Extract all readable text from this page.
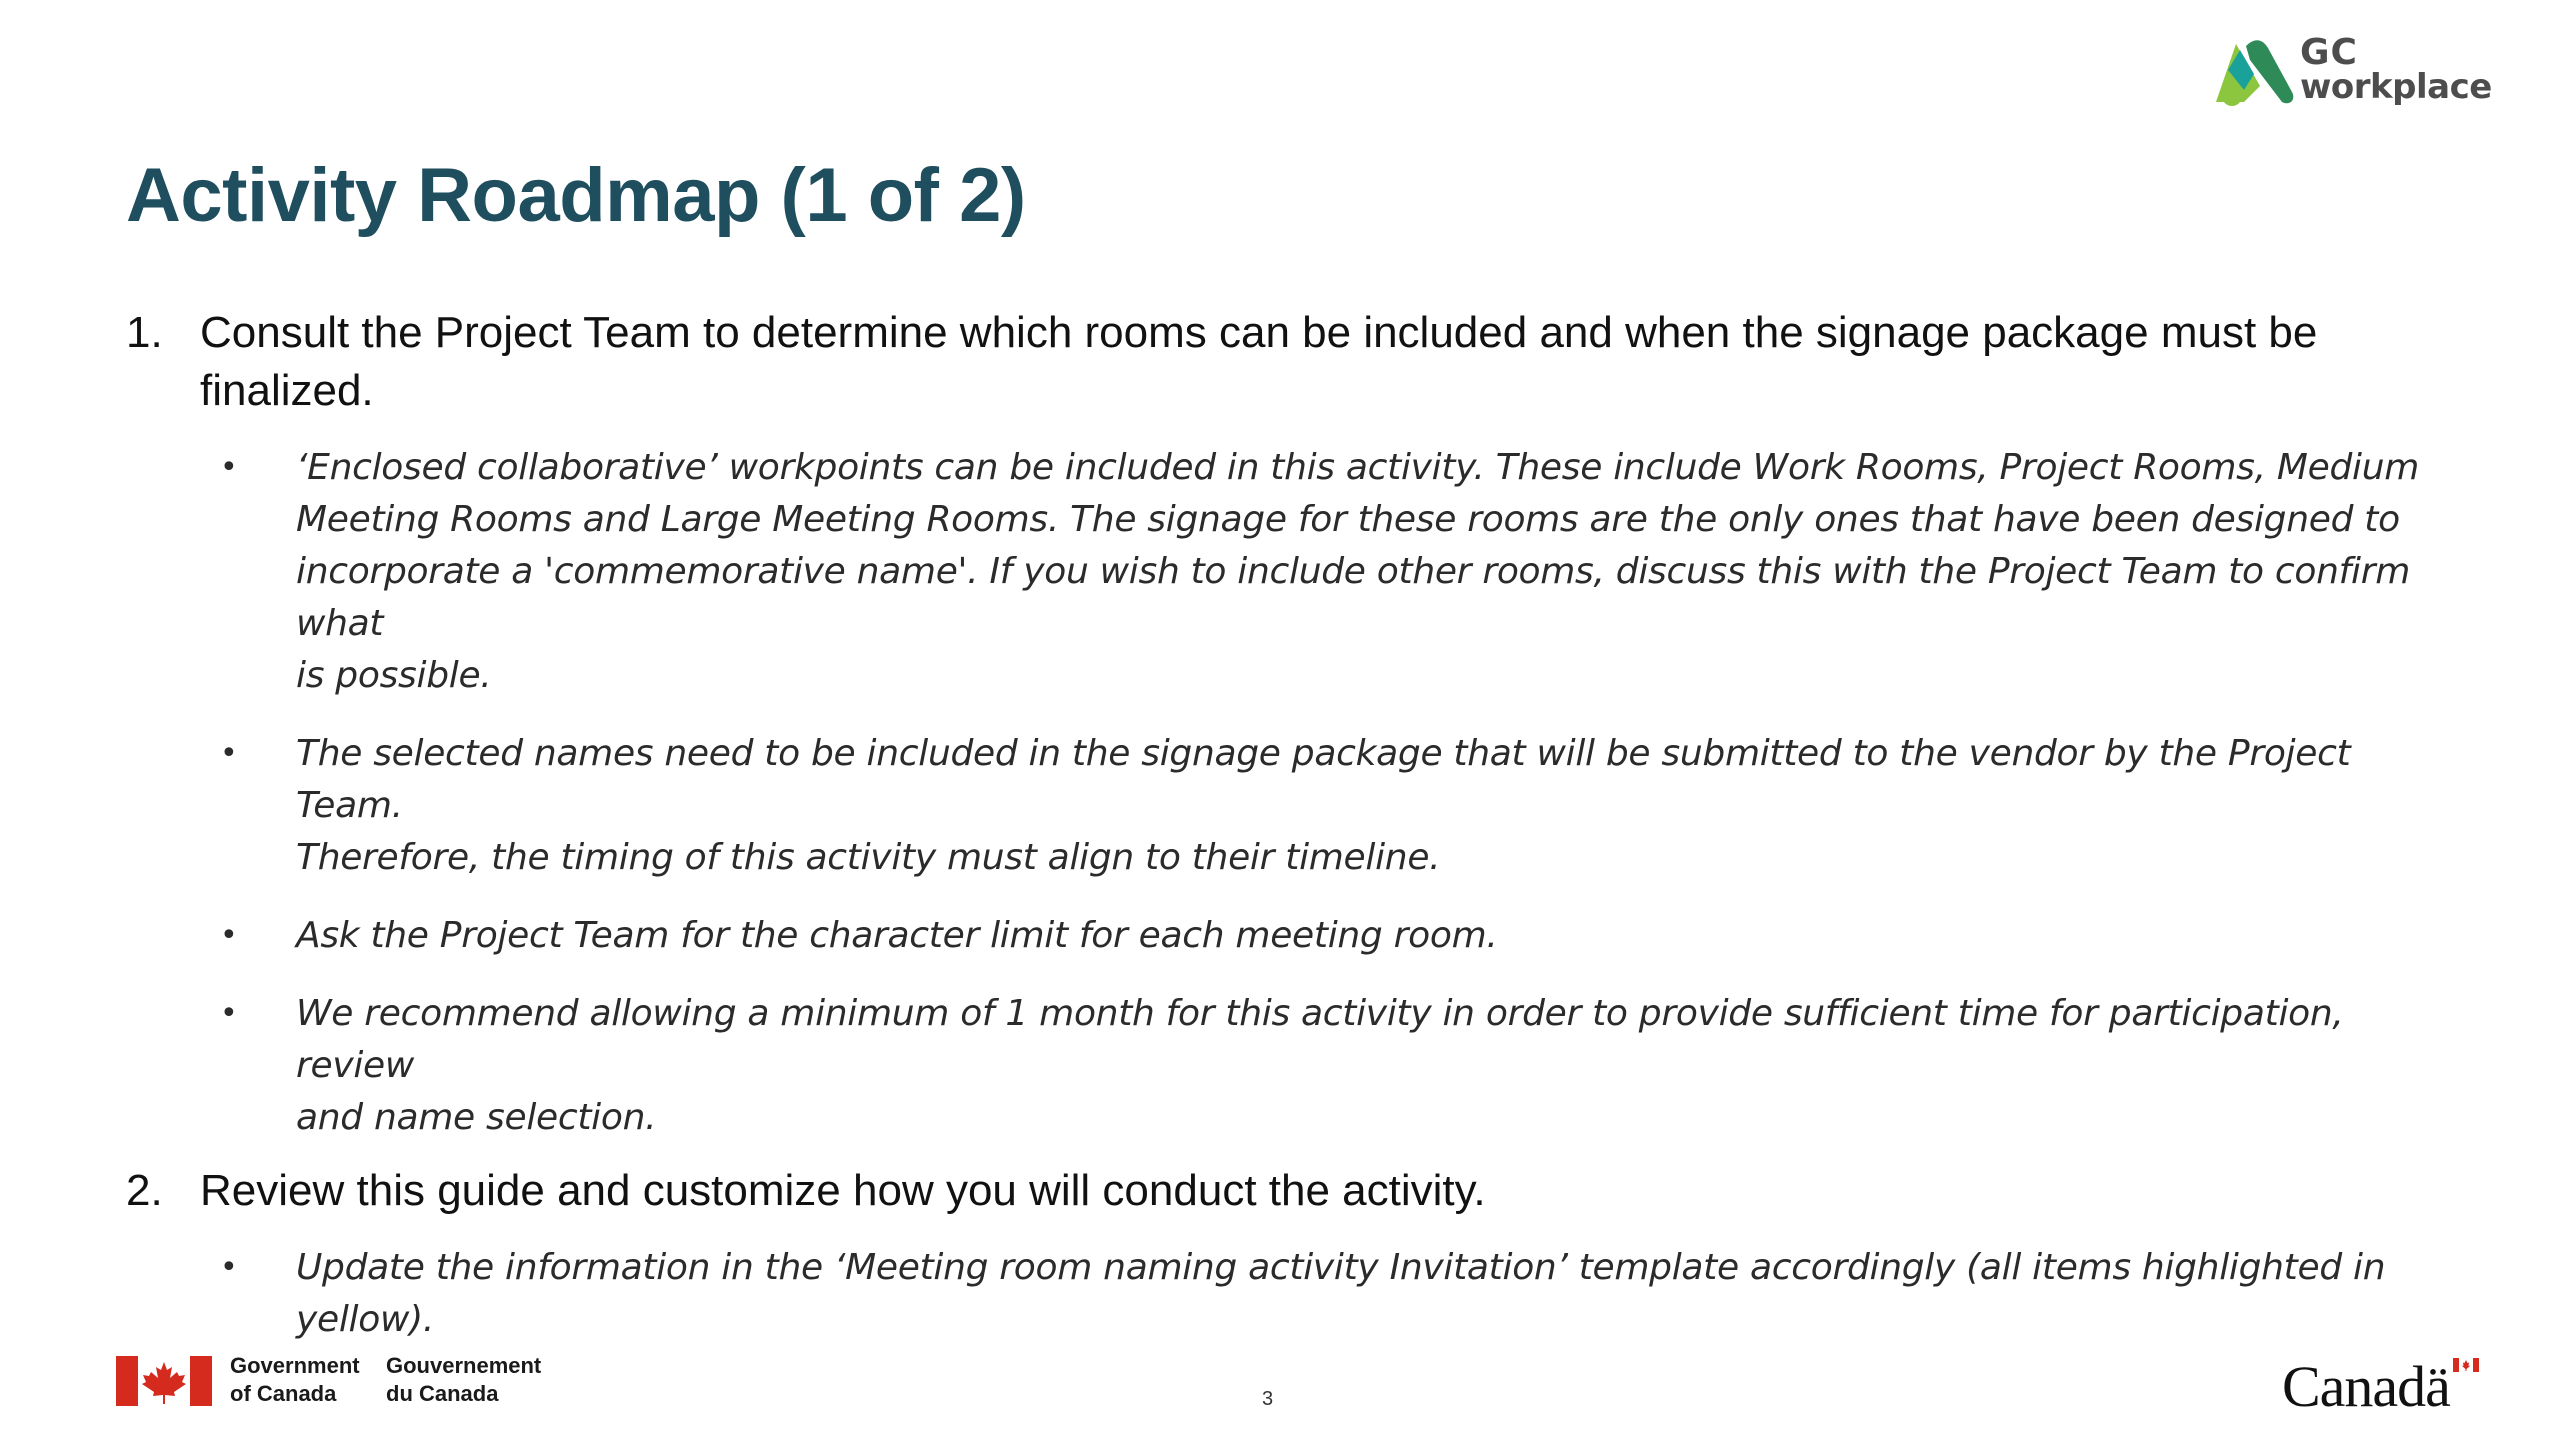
GC
workplace
Activity Roadmap (1 of 2)
1. Consult the Project Team to determine which rooms can be included and when the signage package must be
finalized.
• ‘Enclosed collaborative’ workpoints can be included in this activity. These include Work Rooms, Project Rooms, Medium
Meeting Rooms and Large Meeting Rooms. The signage for these rooms are the only ones that have been designed to
incorporate a 'commemorative name'. If you wish to include other rooms, discuss this with the Project Team to confirm what
is possible.
• The selected names need to be included in the signage package that will be submitted to the vendor by the Project Team.
Therefore, the timing of this activity must align to their timeline.
• Ask the Project Team for the character limit for each meeting room.
• We recommend allowing a minimum of 1 month for this activity in order to provide sufficient time for participation, review
and name selection.
2. Review this guide and customize how you will conduct the activity.
• Update the information in the ‘Meeting room naming activity Invitation’ template accordingly (all items highlighted in
yellow).
Government
of Canada
Gouvernement
du Canada	3	Canadä
